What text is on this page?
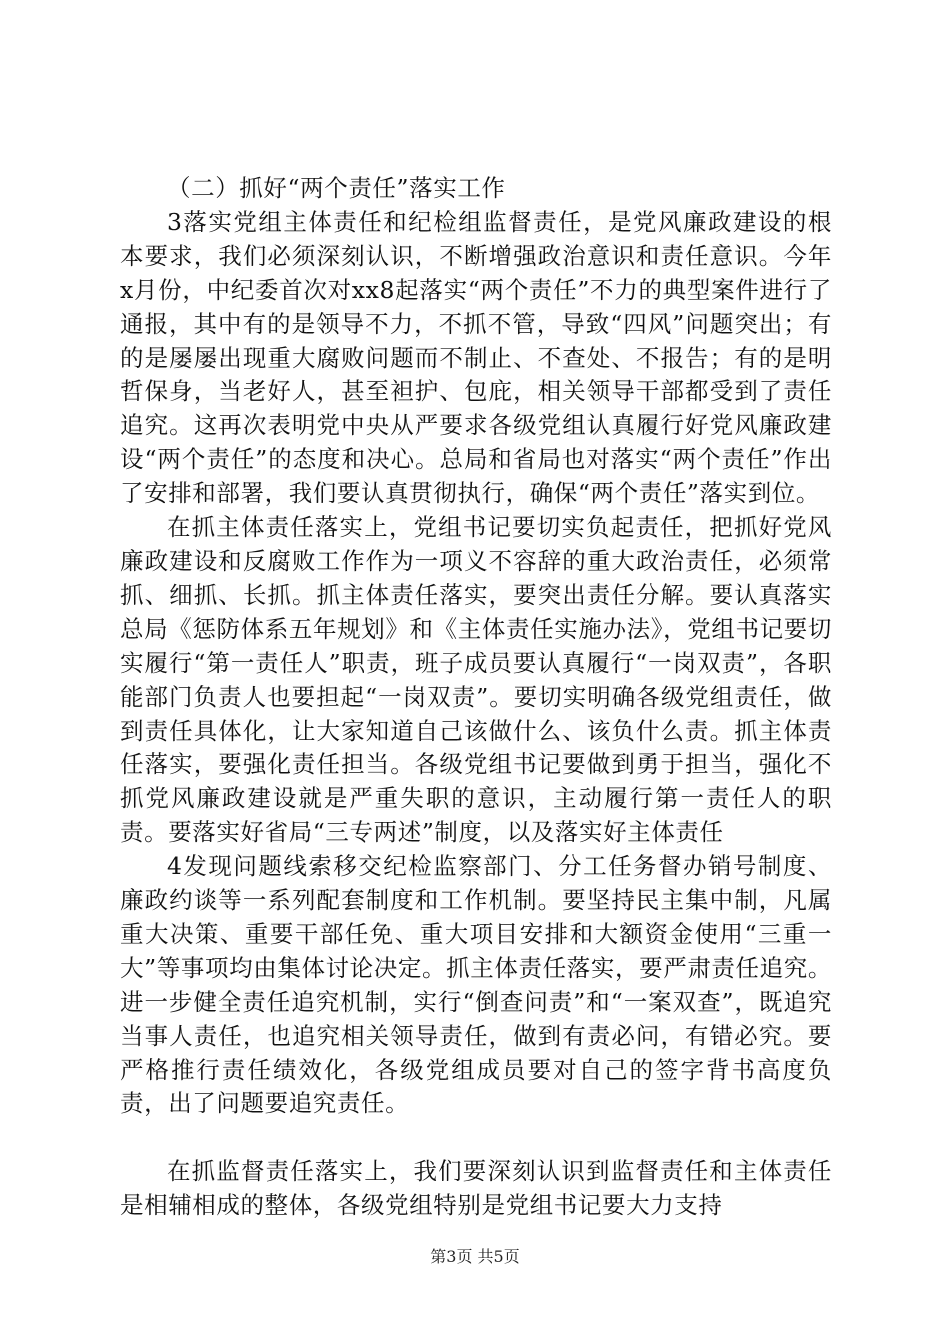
（二）抓好“两个责任”落实工作

3落实党组主体责任和纪检组监督责任，是党风廉政建设的根本要求，我们必须深刻认识，不断增强政治意识和责任意识。今年x月份，中纪委首次对xx8起落实“两个责任”不力的典型案件进行了通报，其中有的是领导不力，不抓不管，导致“四风”问题突出；有的是屡屡出现重大腐败问题而不制止、不查处、不报告；有的是明哲保身，当老好人，甚至袒护、包庇，相关领导干部都受到了责任追究。这再次表明党中央从严要求各级党组认真履行好党风廉政建设“两个责任”的态度和决心。总局和省局也对落实“两个责任”作出了安排和部署，我们要认真贯彻执行，确保“两个责任”落实到位。

在抓主体责任落实上，党组书记要切实负起责任，把抓好党风廉政建设和反腐败工作作为一项义不容辞的重大政治责任，必须常抓、细抓、长抓。抓主体责任落实，要突出责任分解。要认真落实总局《惩防体系五年规划》和《主体责任实施办法》，党组书记要切实履行“第一责任人”职责，班子成员要认真履行“一岗双责”，各职能部门负责人也要担起“一岗双责”。要切实明确各级党组责任，做到责任具体化，让大家知道自己该做什么、该负什么责。抓主体责任落实，要强化责任担当。各级党组书记要做到勇于担当，强化不抓党风廉政建设就是严重失职的意识，主动履行第一责任人的职责。要落实好省局“三专两述”制度，以及落实好主体责任

4发现问题线索移交纪检监察部门、分工任务督办销号制度、廉政约谈等一系列配套制度和工作机制。要坚持民主集中制，凡属重大决策、重要干部任免、重大项目安排和大额资金使用“三重一大”等事项均由集体讨论决定。抓主体责任落实，要严肃责任追究。进一步健全责任追究机制，实行“倒查问责”和“一案双查”，既追究当事人责任，也追究相关领导责任，做到有责必问，有错必究。要严格推行责任绩效化，各级党组成员要对自己的签字背书高度负责，出了问题要追究责任。

在抓监督责任落实上，我们要深刻认识到监督责任和主体责任是相辅相成的整体，各级党组特别是党组书记要大力支持

第3页 共5页
